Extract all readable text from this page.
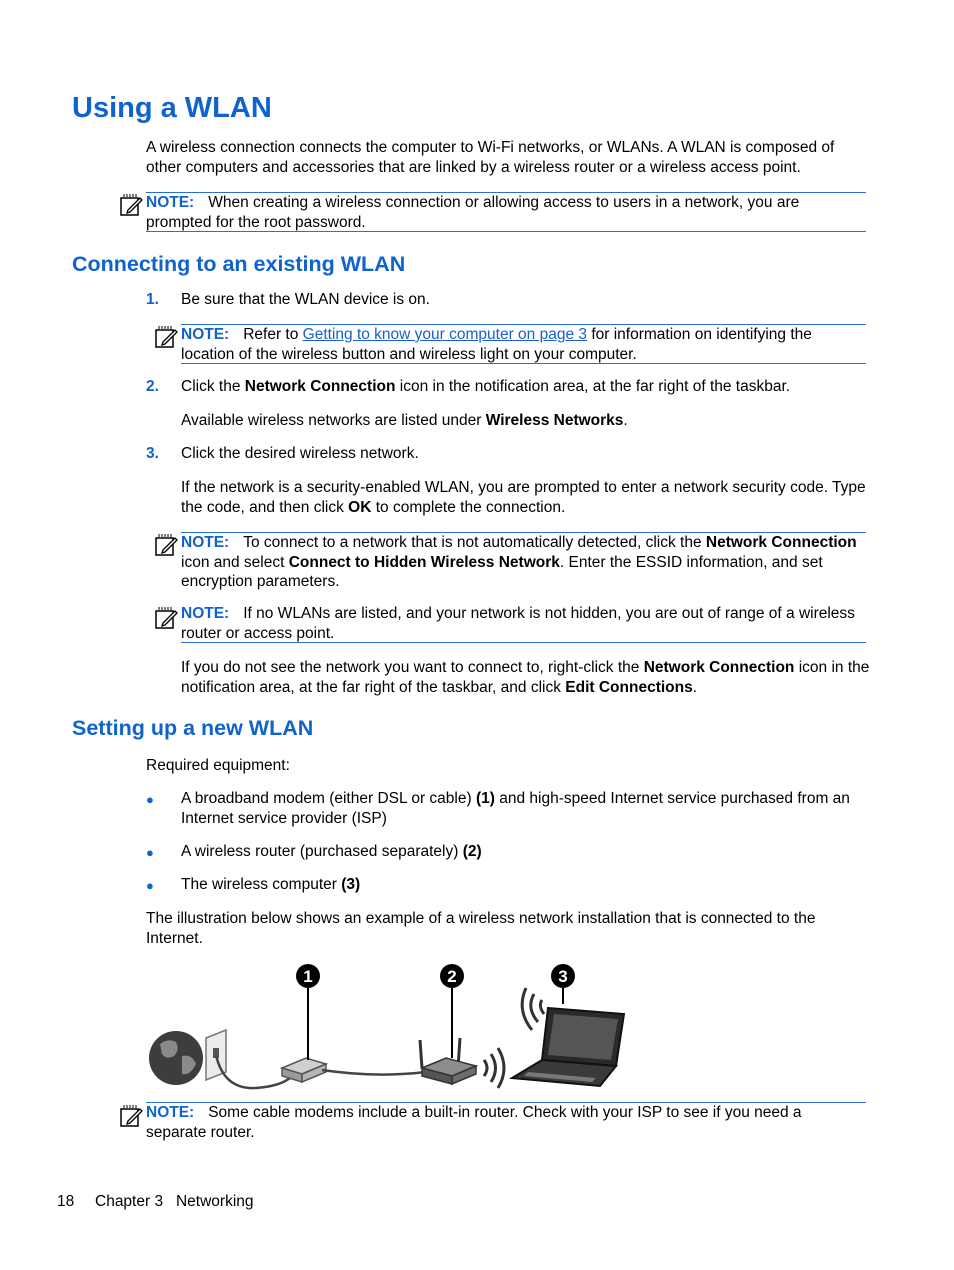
Using a WLAN

A wireless connection connects the computer to Wi-Fi networks, or WLANs. A WLAN is composed of other computers and accessories that are linked by a wireless router or a wireless access point.

NOTE: When creating a wireless connection or allowing access to users in a network, you are prompted for the root password.

Connecting to an existing WLAN
1. Be sure that the WLAN device is on.

NOTE: Refer to Getting to know your computer on page 3 for information on identifying the location of the wireless button and wireless light on your computer.

2. Click the Network Connection icon in the notification area, at the far right of the taskbar.

Available wireless networks are listed under Wireless Networks.

3. Click the desired wireless network.

If the network is a security-enabled WLAN, you are prompted to enter a network security code. Type the code, and then click OK to complete the connection.

NOTE: To connect to a network that is not automatically detected, click the Network Connection icon and select Connect to Hidden Wireless Network. Enter the ESSID information, and set encryption parameters.

NOTE: If no WLANs are listed, and your network is not hidden, you are out of range of a wireless router or access point.

If you do not see the network you want to connect to, right-click the Network Connection icon in the notification area, at the far right of the taskbar, and click Edit Connections.

Setting up a new WLAN

Required equipment:

● A broadband modem (either DSL or cable) (1) and high-speed Internet service purchased from an Internet service provider (ISP)

● A wireless router (purchased separately) (2)

● The wireless computer (3)

The illustration below shows an example of a wireless network installation that is connected to the Internet.

1	2	3

NOTE: Some cable modems include a built-in router. Check with your ISP to see if you need a separate router.

18 Chapter 3   Networking
